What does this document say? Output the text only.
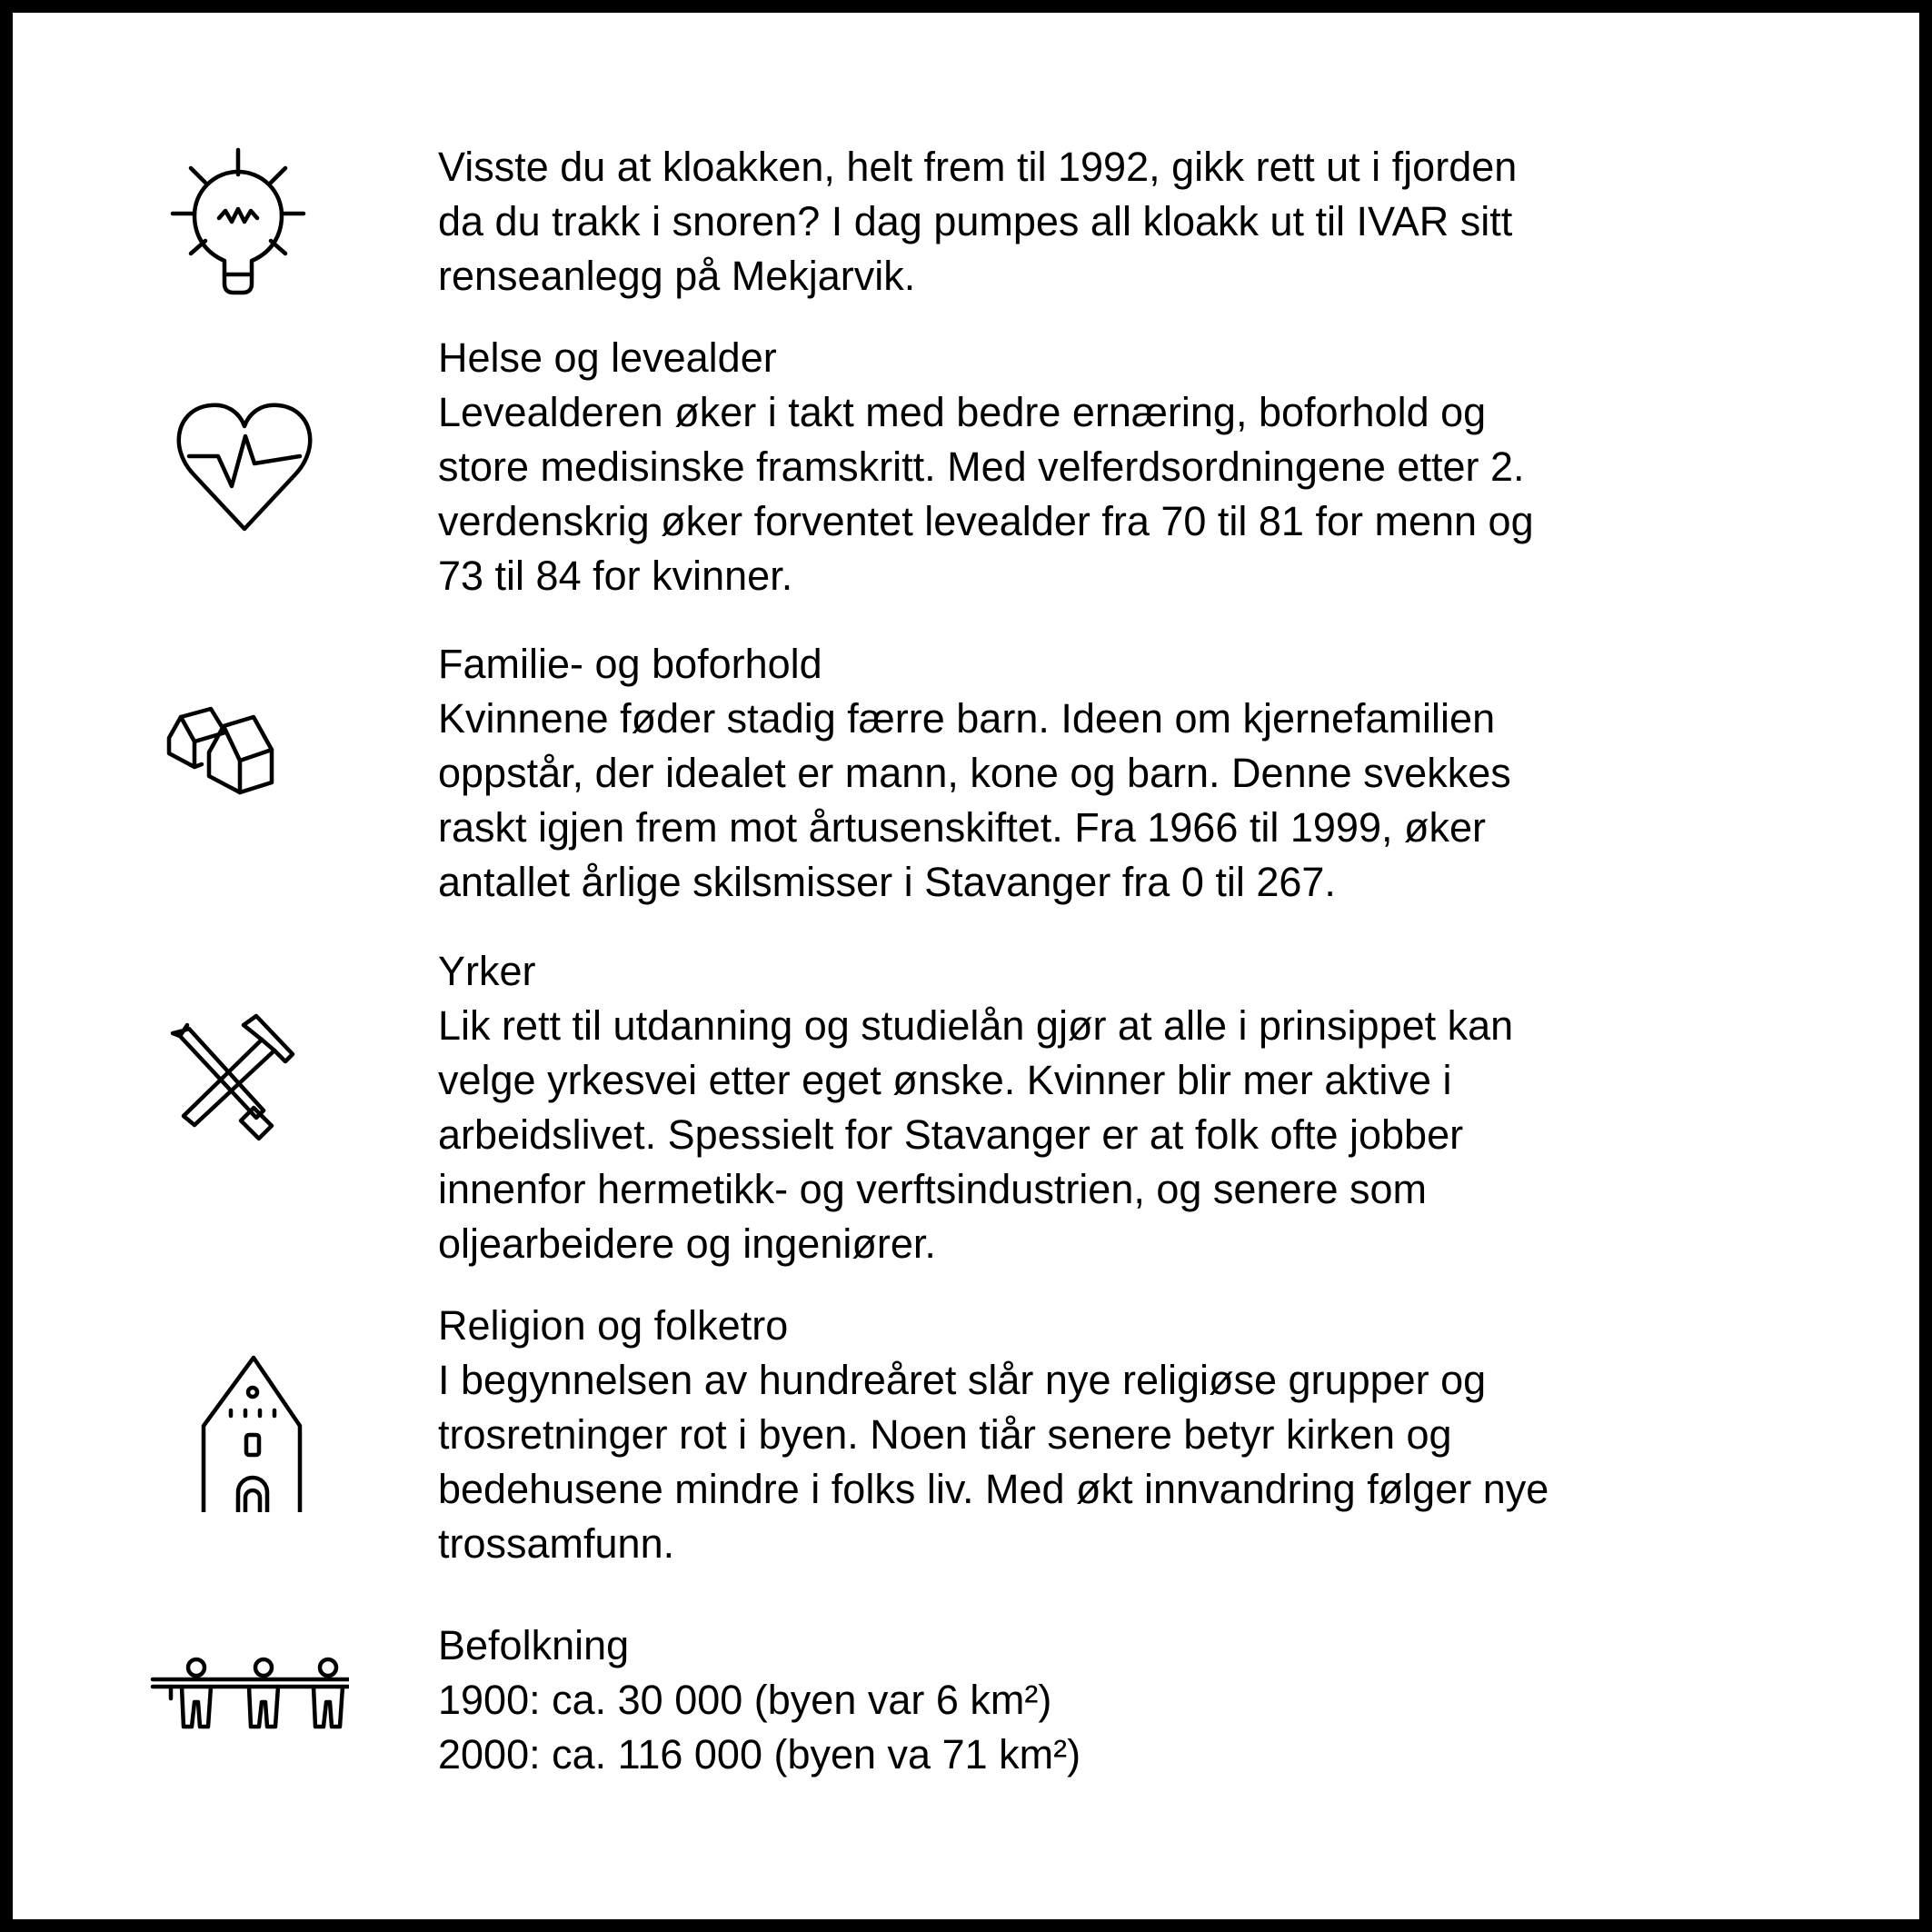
Visste du at kloakken, helt frem til 1992, gikk rett ut i fjorden

da du trakk i snoren? I dag pumpes all kloakk ut til IVAR sitt

renseanlegg på Mekjarvik.

Helse og levealder

Levealderen øker i takt med bedre ernæring, boforhold og

store medisinske framskritt. Med velferdsordningene etter 2.

verdenskrig øker forventet levealder fra 70 til 81 for menn og

73 til 84 for kvinner.

Familie- og boforhold

Kvinnene føder stadig færre barn. Ideen om kjernefamilien

oppstår, der idealet er mann, kone og barn. Denne svekkes

raskt igjen frem mot årtusenskiftet. Fra 1966 til 1999, øker

antallet årlige skilsmisser i Stavanger fra 0 til 267.

Yrker

Lik rett til utdanning og studielån gjør at alle i prinsippet kan

velge yrkesvei etter eget ønske. Kvinner blir mer aktive i

arbeidslivet. Spessielt for Stavanger er at folk ofte jobber

innenfor hermetikk- og verftsindustrien, og senere som

oljearbeidere og ingeniører.

Religion og folketro

I begynnelsen av hundreåret slår nye religiøse grupper og

trosretninger rot i byen. Noen tiår senere betyr kirken og

bedehusene mindre i folks liv. Med økt innvandring følger nye

trossamfunn.

Befolkning

1900: ca. 30 000 (byen var 6 km²)

2000: ca. 116 000 (byen va 71 km²)
